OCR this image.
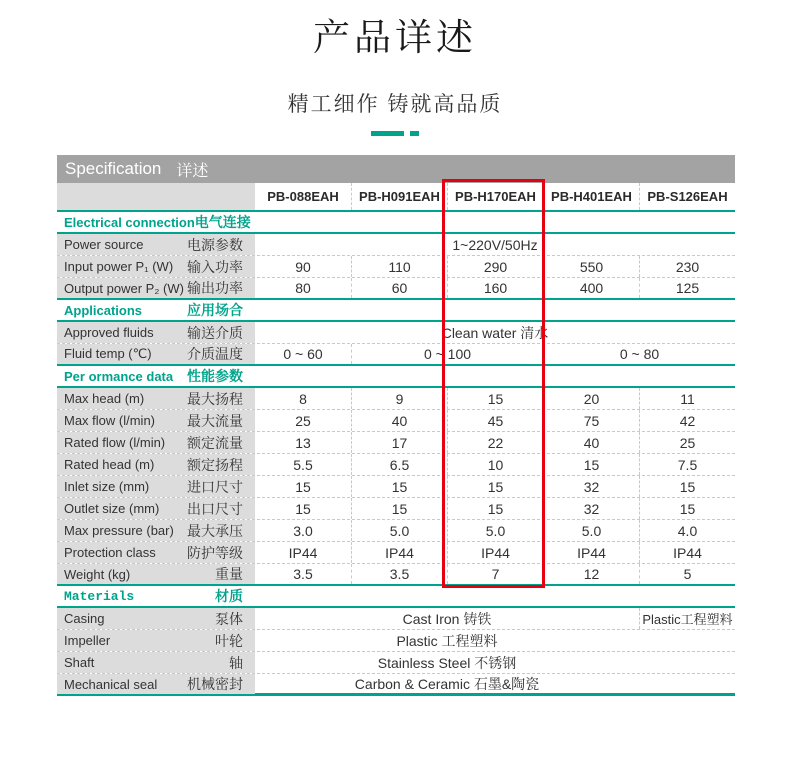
产品详述
精工细作 铸就高品质
Specification 详述
PB-088EAH	PB-H091EAH	PB-H170EAH	PB-H401EAH	PB-S126EAH
Electrical connection 电气连接
Power source	电源参数	1~220V/50Hz
Input power P₁ (W) 输入功率	90	110	290	550	230
Output power P₂ (W) 输出功率	80	60	160	400	125
Applications	应用场合
Approved fluids 输送介质	Clean water 清水
Fluid temp (℃)	介质温度	0 ~ 60	0 ~ 100	0 ~ 80
Per ormance data 性能参数
Max head (m)	最大扬程	8	9	15	20	11
Max flow (l/min) 最大流量	25	40	45	75	42
Rated flow (l/min) 额定流量	13	17	22	40	25
Rated head (m) 额定扬程	5.5	6.5	10	15	7.5
Inlet size (mm)	进口尺寸	15	15	15	32	15
Outlet size (mm) 出口尺寸	15	15	15	32	15
Max pressure (bar) 最大承压	3.0	5.0	5.0	5.0	4.0
Protection class 防护等级	IP44	IP44	IP44	IP44	IP44
Weight (kg)	重量	3.5	3.5	7	12	5
Materials	材质
Casing	泵体	Cast Iron 铸铁	Plastic工程塑料
Impeller	叶轮	Plastic 工程塑料
Shaft	轴	Stainless Steel 不锈钢
Mechanical seal 机械密封	Carbon & Ceramic 石墨&陶瓷
